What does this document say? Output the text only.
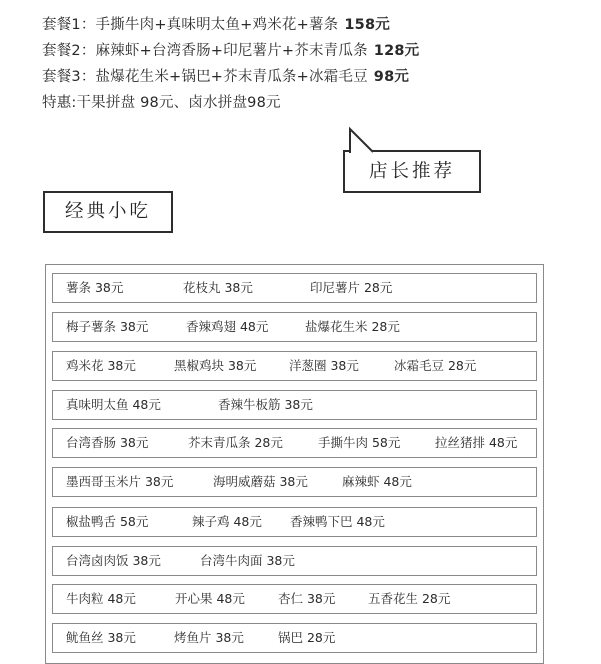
套餐1：手撕牛肉+真味明太鱼+鸡米花+薯条 158元
套餐2：麻辣虾+台湾香肠+印尼薯片+芥末青瓜条 128元
套餐3：盐爆花生米+锅巴+芥末青瓜条+冰霜毛豆 98元
特惠:干果拼盘 98元、卤水拼盘98元
店长推荐
经典小吃
薯条 38元	花枝丸 38元	印尼薯片 28元
梅子薯条 38元	香辣鸡翅 48元	盐爆花生米 28元
鸡米花 38元	黑椒鸡块 38元	洋葱圈 38元	冰霜毛豆 28元
真味明太鱼 48元	香辣牛板筋 38元
台湾香肠 38元	芥末青瓜条 28元	手撕牛肉 58元	拉丝猪排 48元
墨西哥玉米片 38元	海明威蘑菇 38元	麻辣虾 48元
椒盐鸭舌 58元	辣子鸡 48元 香辣鸭下巴 48元
台湾卤肉饭 38元	台湾牛肉面 38元
牛肉粒 48元	开心果 48元	杏仁 38元	五香花生 28元
鱿鱼丝 38元	烤鱼片 38元	锅巴 28元
